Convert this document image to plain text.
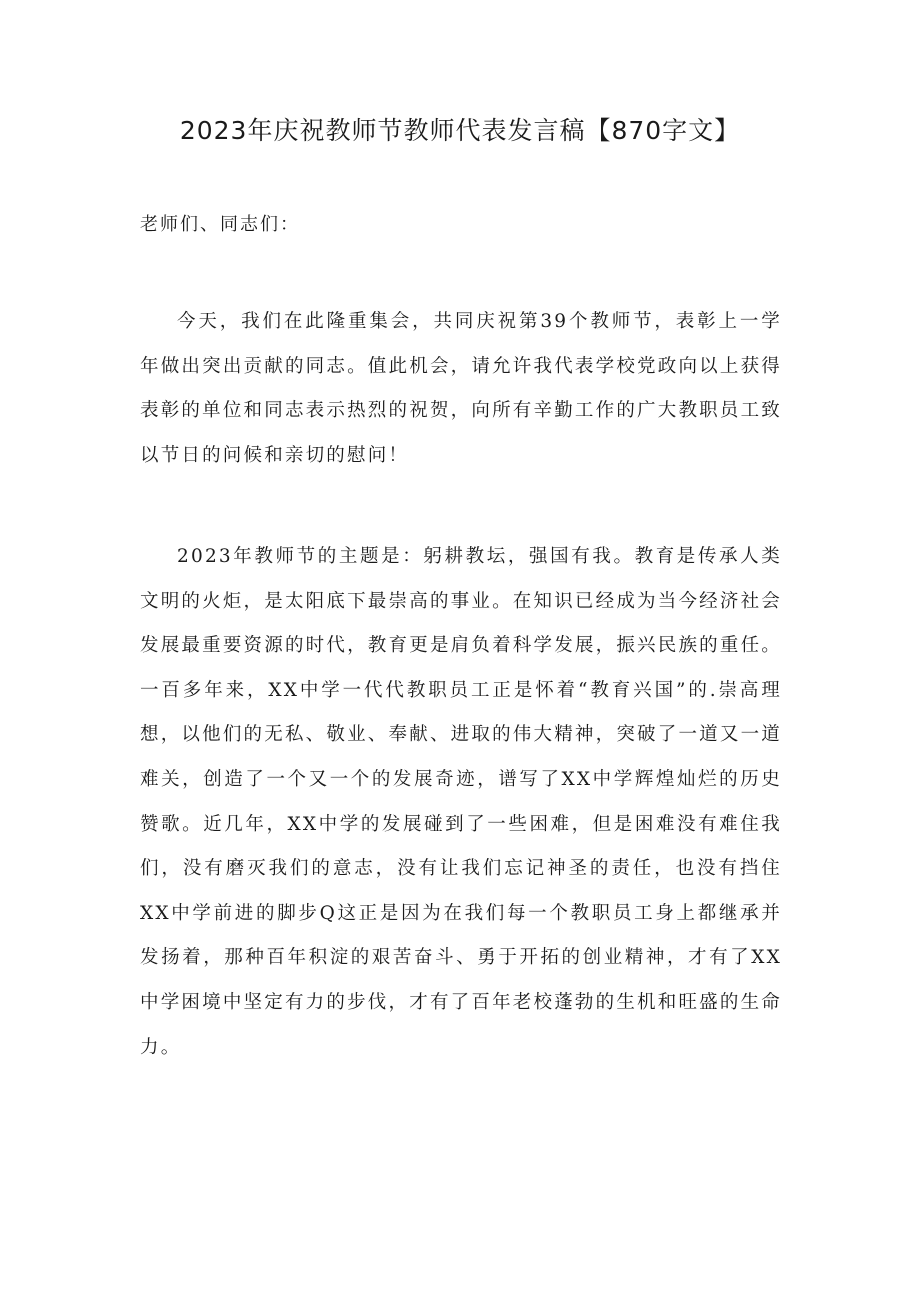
2023年庆祝教师节教师代表发言稿【870字文】

老师们、同志们：

今天，我们在此隆重集会，共同庆祝第39个教师节，表彰上一学年做出突出贡献的同志。值此机会，请允许我代表学校党政向以上获得表彰的单位和同志表示热烈的祝贺，向所有辛勤工作的广大教职员工致以节日的问候和亲切的慰问！

2023年教师节的主题是：躬耕教坛，强国有我。教育是传承人类文明的火炬，是太阳底下最崇高的事业。在知识已经成为当今经济社会发展最重要资源的时代，教育更是肩负着科学发展，振兴民族的重任。一百多年来，XX中学一代代教职员工正是怀着“教育兴国”的.崇高理想，以他们的无私、敬业、奉献、进取的伟大精神，突破了一道又一道难关，创造了一个又一个的发展奇迹，谱写了XX中学辉煌灿烂的历史赞歌。近几年，XX中学的发展碰到了一些困难，但是困难没有难住我们，没有磨灭我们的意志，没有让我们忘记神圣的责任，也没有挡住XX中学前进的脚步Q这正是因为在我们每一个教职员工身上都继承并发扬着，那种百年积淀的艰苦奋斗、勇于开拓的创业精神，才有了XX中学困境中坚定有力的步伐，才有了百年老校蓬勃的生机和旺盛的生命力。
